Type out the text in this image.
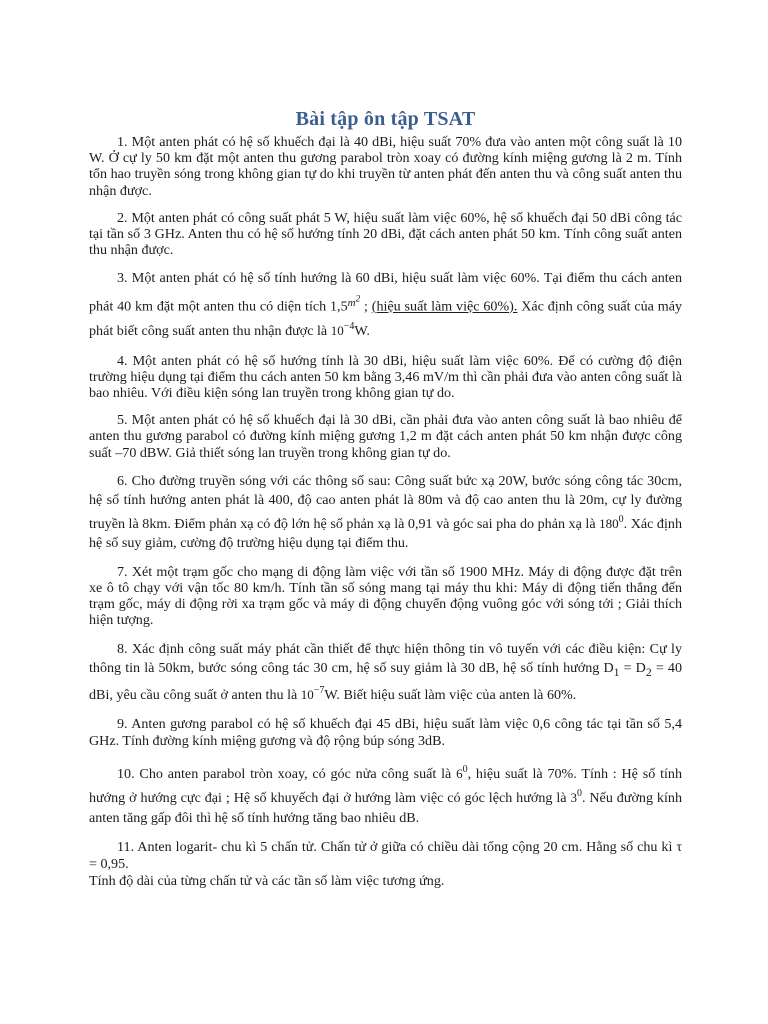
Bài tập ôn tập TSAT

1. Một anten phát có hệ số khuếch đại là 40 dBi, hiệu suất 70% đưa vào anten một công suất là 10 W. Ở cự ly 50 km đặt một anten thu gương parabol tròn xoay có đường kính miệng gương là 2 m. Tính tổn hao truyền sóng trong không gian tự do khi truyền từ anten phát đến anten thu và công suất anten thu nhận được.

2. Một anten phát có công suất phát 5 W, hiệu suất làm việc 60%, hệ số khuếch đại 50 dBi công tác tại tần số 3 GHz. Anten thu có hệ số hướng tính 20 dBi, đặt cách anten phát 50 km. Tính công suất anten thu nhận được.

3. Một anten phát có hệ số tính hướng là 60 dBi, hiệu suất làm việc 60%. Tại điểm thu cách anten phát 40 km đặt một anten thu có diện tích $1,5^{m^2}$ ; (hiệu suất làm việc 60%). Xác định công suất của máy phát biết công suất anten thu nhận được là $10^{-4}W$.

4. Một anten phát có hệ số hướng tính là 30 dBi, hiệu suất làm việc 60%. Để có cường độ điện trường hiệu dụng tại điểm thu cách anten 50 km bằng 3,46 mV/m thì cần phải đưa vào anten công suất là bao nhiêu. Với điều kiện sóng lan truyền trong không gian tự do.

5. Một anten phát có hệ số khuếch đại là 30 dBi, cần phải đưa vào anten công suất là bao nhiêu để anten thu gương parabol có đường kính miệng gương 1,2 m đặt cách anten phát 50 km nhận được công suất –70 dBW. Giả thiết sóng lan truyền trong không gian tự do.

6. Cho đường truyền sóng với các thông số sau: Công suất bức xạ 20W, bước sóng công tác 30cm, hệ số tính hướng anten phát là 400, độ cao anten phát là 80m và độ cao anten thu là 20m, cự ly đường truyền là 8km. Điểm phản xạ có độ lớn hệ số phản xạ là 0,91 và góc sai pha do phản xạ là $180^0$. Xác định hệ số suy giảm, cường độ trường hiệu dụng tại điểm thu.

7. Xét một trạm gốc cho mạng di động làm việc với tần số 1900 MHz. Máy di động được đặt trên xe ô tô chạy với vận tốc 80 km/h. Tính tần số sóng mang tại máy thu khi: Máy di động tiến thẳng đến trạm gốc, máy di động rời xa trạm gốc và máy di động chuyển động vuông góc với sóng tới ; Giải thích hiện tượng.

8. Xác định công suất máy phát cần thiết để thực hiện thông tin vô tuyến với các điều kiện: Cự ly thông tin là 50km, bước sóng công tác 30 cm, hệ số suy giảm là 30 dB, hệ số tính hướng $D_1 = D_2 = 40$ dBi, yêu cầu công suất ở anten thu là $10^{-7}W$. Biết hiệu suất làm việc của anten là 60%.

9. Anten gương parabol có hệ số khuếch đại 45 dBi, hiệu suất làm việc 0,6 công tác tại tần số 5,4 GHz. Tính đường kính miệng gương và độ rộng búp sóng 3dB.

10. Cho anten parabol tròn xoay, có góc nửa công suất là $6^0$, hiệu suất là 70%. Tính : Hệ số tính hướng ở hướng cực đại ; Hệ số khuyếch đại ở hướng làm việc có góc lệch hướng là $3^0$. Nếu đường kính anten tăng gấp đôi thì hệ số tính hướng tăng bao nhiêu dB.

11. Anten logarit- chu kì 5 chấn tử. Chấn tử ở giữa có chiều dài tổng cộng 20 cm. Hằng số chu kì τ = 0,95.

Tính độ dài của từng chấn tử và các tần số làm việc tương ứng.
